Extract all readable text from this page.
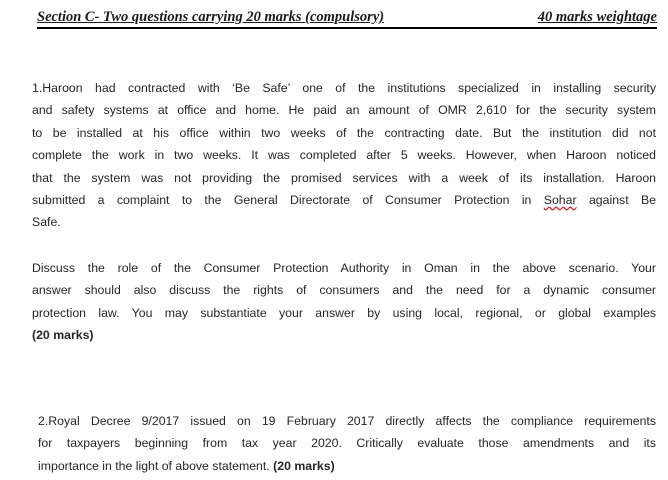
Section C- Two questions carrying 20 marks (compulsory)	40 marks weightage
1.Haroon had contracted with ‘Be Safe’ one of the institutions specialized in installing security
and safety systems at office and home. He paid an amount of OMR 2,610 for the security system
to be installed at his office within two weeks of the contracting date. But the institution did not
complete the work in two weeks. It was completed after 5 weeks. However, when Haroon noticed
that the system was not providing the promised services with a week of its installation. Haroon
submitted a complaint to the General Directorate of Consumer Protection in Sohar against Be
Safe.
Discuss the role of the Consumer Protection Authority in Oman in the above scenario. Your
answer should also discuss the rights of consumers and the need for a dynamic consumer
protection law. You may substantiate your answer by using local, regional, or global examples
(20 marks)
2.Royal Decree 9/2017 issued on 19 February 2017 directly affects the compliance requirements
for taxpayers beginning from tax year 2020. Critically evaluate those amendments and its
importance in the light of above statement. (20 marks)
